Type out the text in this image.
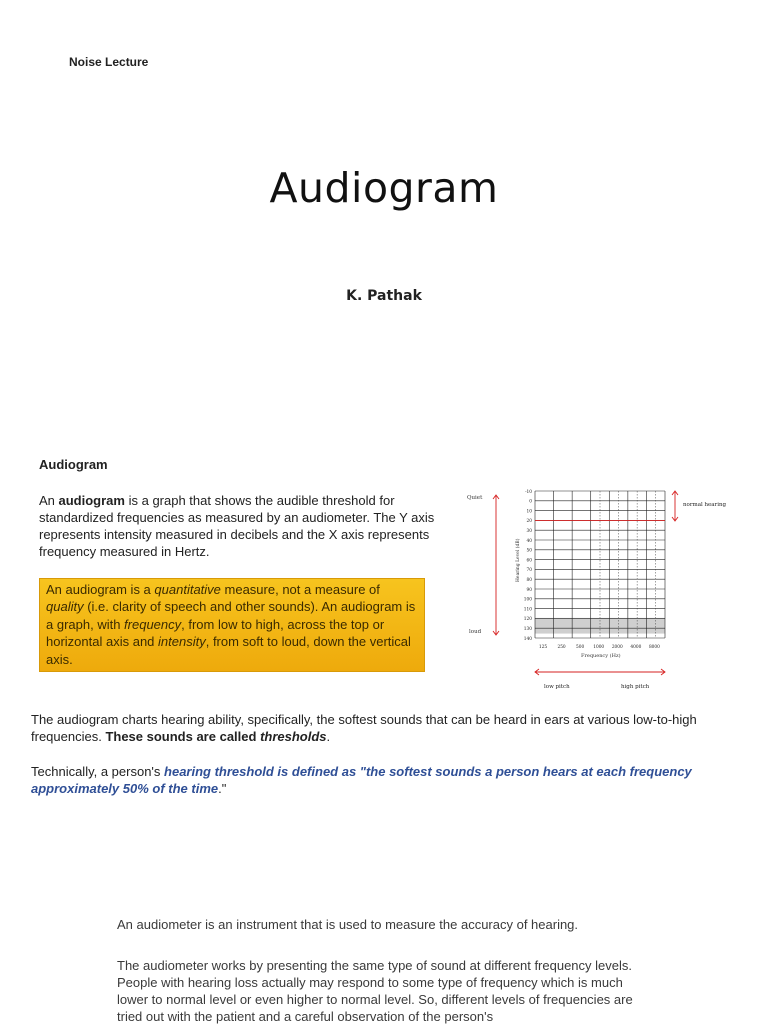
Noise Lecture
Audiogram
K. Pathak
Audiogram
An audiogram is a graph that shows the audible threshold for standardized frequencies as measured by an audiometer. The Y axis represents intensity measured in decibels and the X axis represents frequency measured in Hertz.
An audiogram is a quantitative measure, not a measure of quality (i.e. clarity of speech and other sounds). An audiogram is a graph, with frequency, from low to high, across the top or horizontal axis and intensity, from soft to loud, down the vertical axis.
-10
0
10
20
30
40
50
60
70
80
90
100
110
120
130
140
125 250 500 1000 2000 4000 8000
Quiet
loud
Hearing Level (dB)
Frequency (Hz)
normal hearing
low pitch	high pitch
The audiogram charts hearing ability, specifically, the softest sounds that can be heard in ears at various low-to-high frequencies. These sounds are called thresholds.
Technically, a person's hearing threshold is defined as "the softest sounds a person hears at each frequency approximately 50% of the time."
An audiometer is an instrument that is used to measure the accuracy of hearing.
The audiometer works by presenting the same type of sound at different frequency levels. People with hearing loss actually may respond to some type of frequency which is much lower to normal level or even higher to normal level. So, different levels of frequencies are tried out with the patient and a careful observation of the person's
